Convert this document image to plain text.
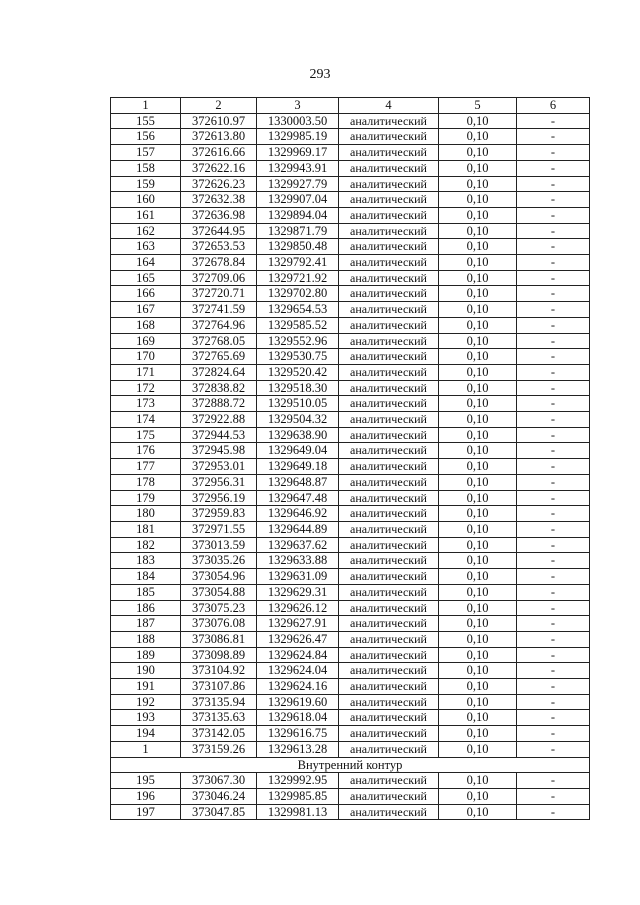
293
1	2	3	4	5	6
155	372610.97	1330003.50	аналитический	0,10	-
156	372613.80	1329985.19	аналитический	0,10	-
157	372616.66	1329969.17	аналитический	0,10	-
158	372622.16	1329943.91	аналитический	0,10	-
159	372626.23	1329927.79	аналитический	0,10	-
160	372632.38	1329907.04	аналитический	0,10	-
161	372636.98	1329894.04	аналитический	0,10	-
162	372644.95	1329871.79	аналитический	0,10	-
163	372653.53	1329850.48	аналитический	0,10	-
164	372678.84	1329792.41	аналитический	0,10	-
165	372709.06	1329721.92	аналитический	0,10	-
166	372720.71	1329702.80	аналитический	0,10	-
167	372741.59	1329654.53	аналитический	0,10	-
168	372764.96	1329585.52	аналитический	0,10	-
169	372768.05	1329552.96	аналитический	0,10	-
170	372765.69	1329530.75	аналитический	0,10	-
171	372824.64	1329520.42	аналитический	0,10	-
172	372838.82	1329518.30	аналитический	0,10	-
173	372888.72	1329510.05	аналитический	0,10	-
174	372922.88	1329504.32	аналитический	0,10	-
175	372944.53	1329638.90	аналитический	0,10	-
176	372945.98	1329649.04	аналитический	0,10	-
177	372953.01	1329649.18	аналитический	0,10	-
178	372956.31	1329648.87	аналитический	0,10	-
179	372956.19	1329647.48	аналитический	0,10	-
180	372959.83	1329646.92	аналитический	0,10	-
181	372971.55	1329644.89	аналитический	0,10	-
182	373013.59	1329637.62	аналитический	0,10	-
183	373035.26	1329633.88	аналитический	0,10	-
184	373054.96	1329631.09	аналитический	0,10	-
185	373054.88	1329629.31	аналитический	0,10	-
186	373075.23	1329626.12	аналитический	0,10	-
187	373076.08	1329627.91	аналитический	0,10	-
188	373086.81	1329626.47	аналитический	0,10	-
189	373098.89	1329624.84	аналитический	0,10	-
190	373104.92	1329624.04	аналитический	0,10	-
191	373107.86	1329624.16	аналитический	0,10	-
192	373135.94	1329619.60	аналитический	0,10	-
193	373135.63	1329618.04	аналитический	0,10	-
194	373142.05	1329616.75	аналитический	0,10	-
1	373159.26	1329613.28	аналитический	0,10	-
Внутренний контур					
195	373067.30	1329992.95	аналитический	0,10	-
196	373046.24	1329985.85	аналитический	0,10	-
197	373047.85	1329981.13	аналитический	0,10	-
